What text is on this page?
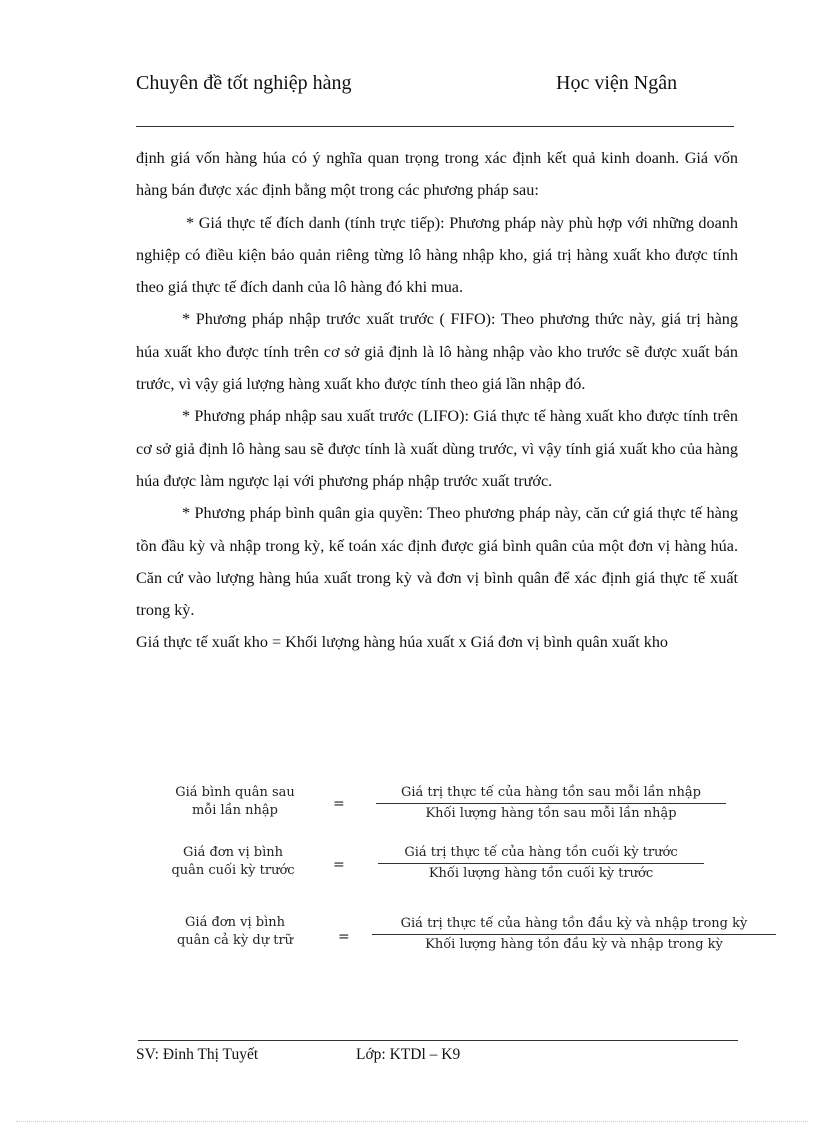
Chuyên đề tốt nghiệp hàng	Học viện Ngân

định giá vốn hàng húa có ý nghĩa quan trọng trong xác định kết quả kinh doanh. Giá vốn hàng bán được xác định bằng một trong các phương pháp sau:

* Giá thực tế đích danh (tính trực tiếp): Phương pháp này phù hợp với những doanh nghiệp có điều kiện bảo quản riêng từng lô hàng nhập kho, giá trị hàng xuất kho được tính theo giá thực tế đích danh của lô hàng đó khi mua.

* Phương pháp nhập trước xuất trước ( FIFO): Theo phương thức này, giá trị hàng húa xuất kho được tính trên cơ sở giả định là lô hàng nhập vào kho trước sẽ được xuất bán trước, vì vậy giá lượng hàng xuất kho được tính theo giá lần nhập đó.

* Phương pháp nhập sau xuất trước (LIFO): Giá thực tế hàng xuất kho được tính trên cơ sở giả định lô hàng sau sẽ được tính là xuất dùng trước, vì vậy tính giá xuất kho của hàng húa được làm ngược lại với phương pháp nhập trước xuất trước.

* Phương pháp bình quân gia quyền: Theo phương pháp này, căn cứ giá thực tế hàng tồn đầu kỳ và nhập trong kỳ, kế toán xác định được giá bình quân của một đơn vị hàng húa. Căn cứ vào lượng hàng húa xuất trong kỳ và đơn vị bình quân để xác định giá thực tế xuất trong kỳ.

Giá thực tế xuất kho = Khối lượng hàng húa xuất x Giá đơn vị bình quân xuất kho

Giá bình quân sau
mỗi lần nhập	=
Giá trị thực tế của hàng tồn sau mỗi lần nhập
Khối lượng hàng tồn sau mỗi lần nhập
Giá đơn vị bình
quân cuối kỳ trước	=
Giá trị thực tế của hàng tồn cuối kỳ trước
Khối lượng hàng tồn cuối kỳ trước
Giá đơn vị bình
quân cả kỳ dự trữ	=
Giá trị thực tế của hàng tồn đầu kỳ và nhập trong kỳ
Khối lượng hàng tồn đầu kỳ và nhập trong kỳ
SV: Đinh Thị Tuyết	Lớp: KTDl – K9
